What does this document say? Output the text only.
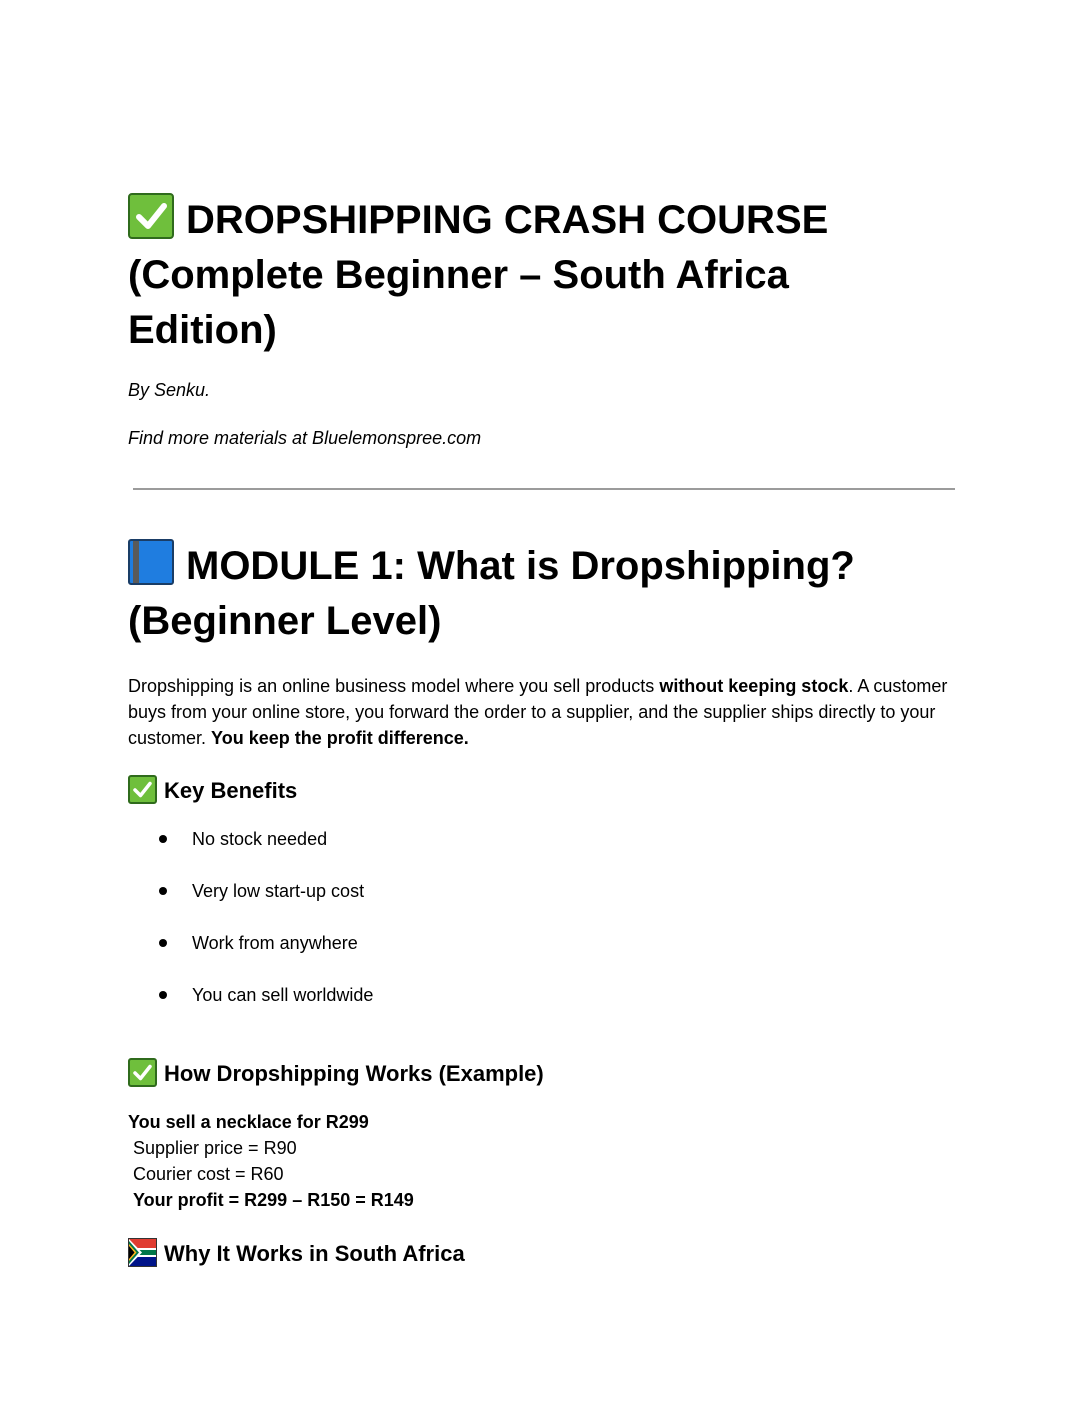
DROPSHIPPING CRASH COURSE
(Complete Beginner – South Africa
Edition)

By Senku.

Find more materials at Bluelemonspree.com

MODULE 1: What is Dropshipping?
(Beginner Level)

Dropshipping is an online business model where you sell products without keeping stock. A customer buys from your online store, you forward the order to a supplier, and the supplier ships directly to your customer. You keep the profit difference.

Key Benefits
No stock needed
Very low start-up cost
Work from anywhere
You can sell worldwide
How Dropshipping Works (Example)
You sell a necklace for R299
Supplier price = R90
Courier cost = R60
Your profit = R299 – R150 = R149
Why It Works in South Africa
